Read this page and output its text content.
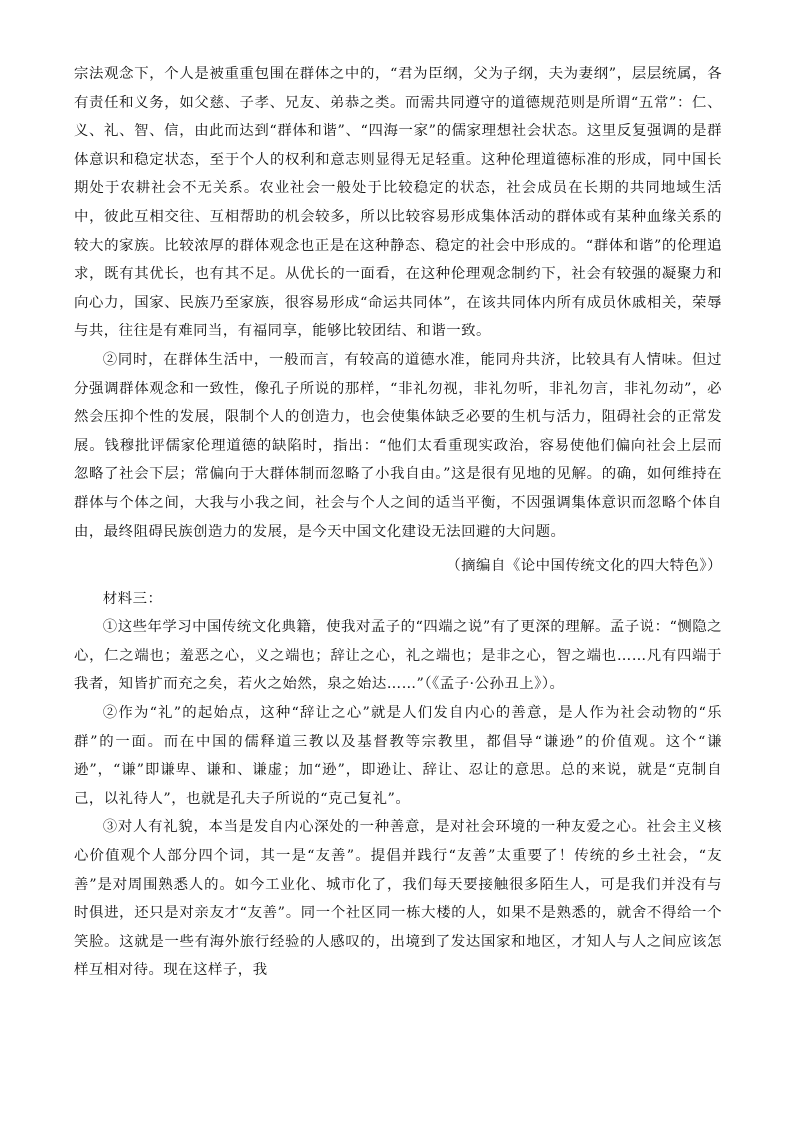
宗法观念下，个人是被重重包围在群体之中的，“君为臣纲，父为子纲，夫为妻纲”，层层统属，各有责任和义务，如父慈、子孝、兄友、弟恭之类。而需共同遵守的道德规范则是所谓“五常”：仁、义、礼、智、信，由此而达到“群体和谐”、“四海一家”的儒家理想社会状态。这里反复强调的是群体意识和稳定状态，至于个人的权利和意志则显得无足轻重。这种伦理道德标准的形成，同中国长期处于农耕社会不无关系。农业社会一般处于比较稳定的状态，社会成员在长期的共同地域生活中，彼此互相交往、互相帮助的机会较多，所以比较容易形成集体活动的群体或有某种血缘关系的较大的家族。比较浓厚的群体观念也正是在这种静态、稳定的社会中形成的。“群体和谐”的伦理追求，既有其优长，也有其不足。从优长的一面看，在这种伦理观念制约下，社会有较强的凝聚力和向心力，国家、民族乃至家族，很容易形成“命运共同体”，在该共同体内所有成员休戚相关，荣辱与共，往往是有难同当，有福同享，能够比较团结、和谐一致。

②同时，在群体生活中，一般而言，有较高的道德水准，能同舟共济，比较具有人情味。但过分强调群体观念和一致性，像孔子所说的那样，“非礼勿视，非礼勿听，非礼勿言，非礼勿动”，必然会压抑个性的发展，限制个人的创造力，也会使集体缺乏必要的生机与活力，阻碍社会的正常发展。钱穆批评儒家伦理道德的缺陷时，指出：“他们太看重现实政治，容易使他们偏向社会上层而忽略了社会下层；常偏向于大群体制而忽略了小我自由。”这是很有见地的见解。的确，如何维持在群体与个体之间，大我与小我之间，社会与个人之间的适当平衡，不因强调集体意识而忽略个体自由，最终阻碍民族创造力的发展，是今天中国文化建设无法回避的大问题。

（摘编自《论中国传统文化的四大特色》）

材料三：

①这些年学习中国传统文化典籍，使我对孟子的“四端之说”有了更深的理解。孟子说：“恻隐之心，仁之端也；羞恶之心，义之端也；辞让之心，礼之端也；是非之心，智之端也……凡有四端于我者，知皆扩而充之矣，若火之始然，泉之始达……”（《孟子·公孙丑上》）。

②作为“礼”的起始点，这种“辞让之心”就是人们发自内心的善意，是人作为社会动物的“乐群”的一面。而在中国的儒释道三教以及基督教等宗教里，都倡导“谦逊”的价值观。这个“谦逊”，“谦”即谦卑、谦和、谦虚；加“逊”，即逊让、辞让、忍让的意思。总的来说，就是“克制自己，以礼待人”，也就是孔夫子所说的“克己复礼”。

③对人有礼貌，本当是发自内心深处的一种善意，是对社会环境的一种友爱之心。社会主义核心价值观个人部分四个词，其一是“友善”。提倡并践行“友善”太重要了！传统的乡土社会，“友善”是对周围熟悉人的。如今工业化、城市化了，我们每天要接触很多陌生人，可是我们并没有与时俱进，还只是对亲友才“友善”。同一个社区同一栋大楼的人，如果不是熟悉的，就舍不得给一个笑脸。这就是一些有海外旅行经验的人感叹的，出境到了发达国家和地区，才知人与人之间应该怎样互相对待。现在这样子，我
